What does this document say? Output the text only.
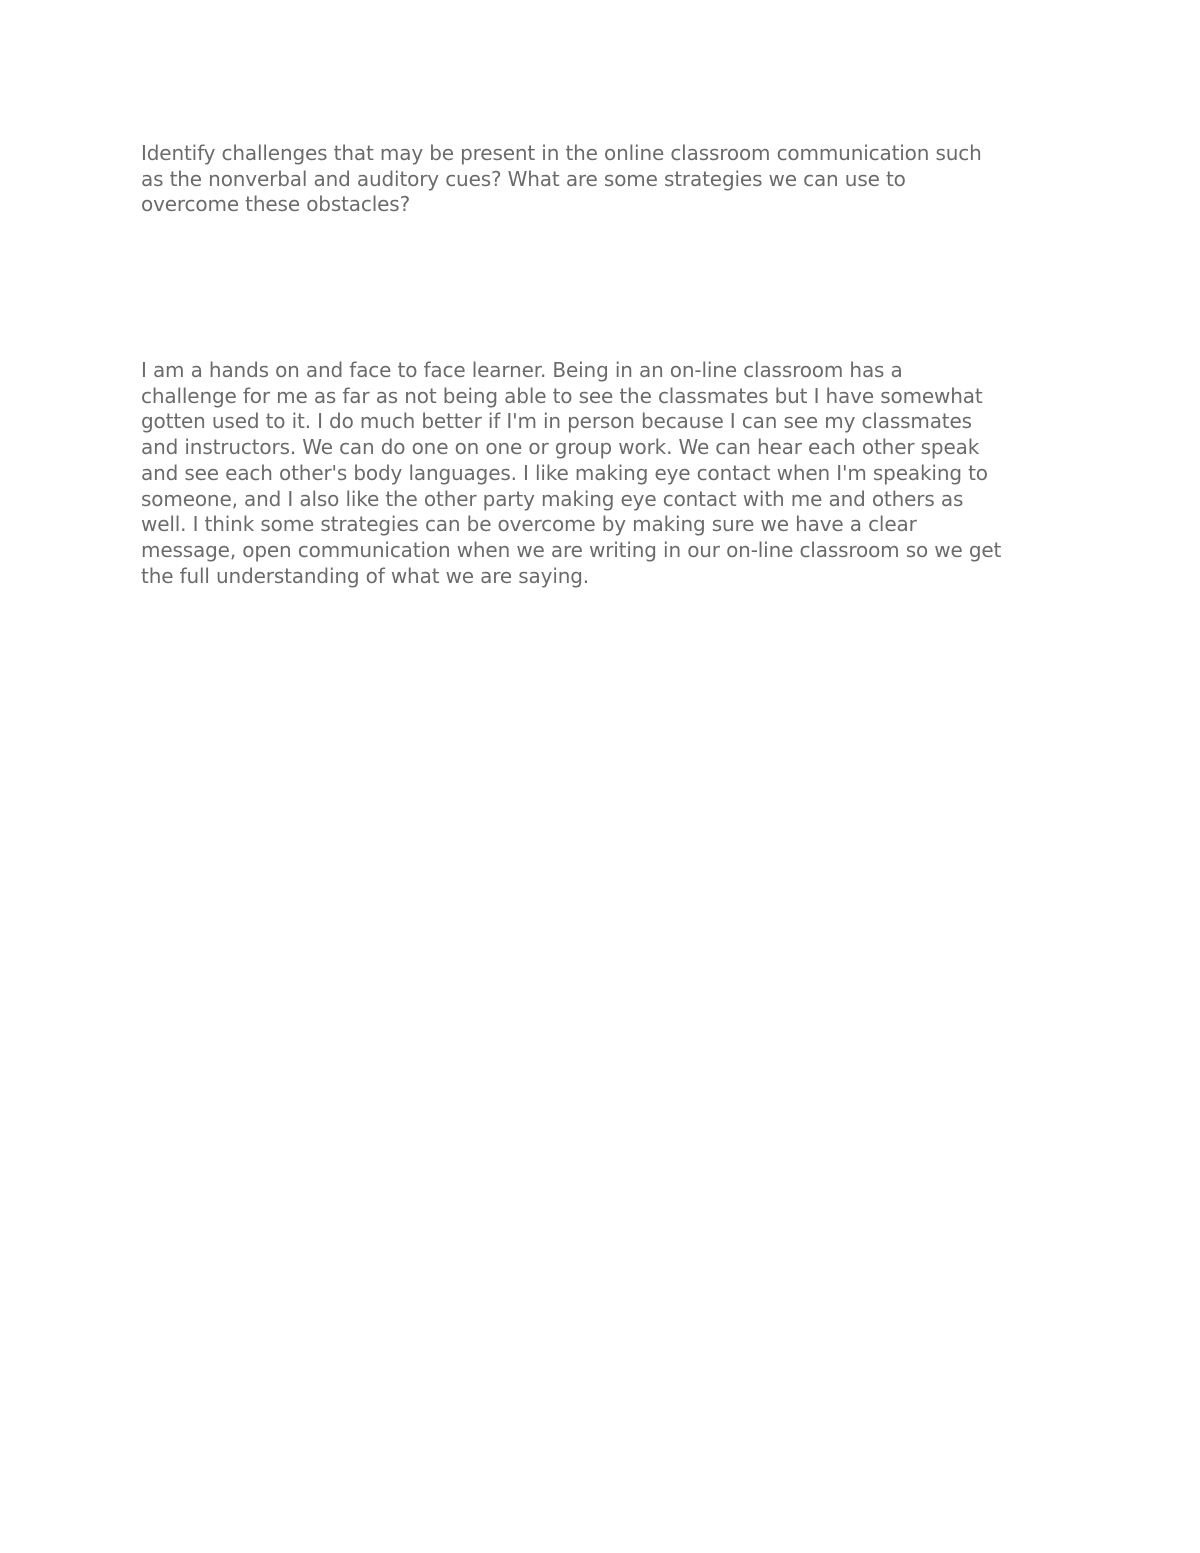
Identify challenges that may be present in the online classroom communication such

as the nonverbal and auditory cues? What are some strategies we can use to

overcome these obstacles?

I am a hands on and face to face learner. Being in an on-line classroom has a

challenge for me as far as not being able to see the classmates but I have somewhat

gotten used to it. I do much better if I'm in person because I can see my classmates

and instructors. We can do one on one or group work. We can hear each other speak

and see each other's body languages. I like making eye contact when I'm speaking to

someone, and I also like the other party making eye contact with me and others as

well. I think some strategies can be overcome by making sure we have a clear

message, open communication when we are writing in our on-line classroom so we get

the full understanding of what we are saying.
